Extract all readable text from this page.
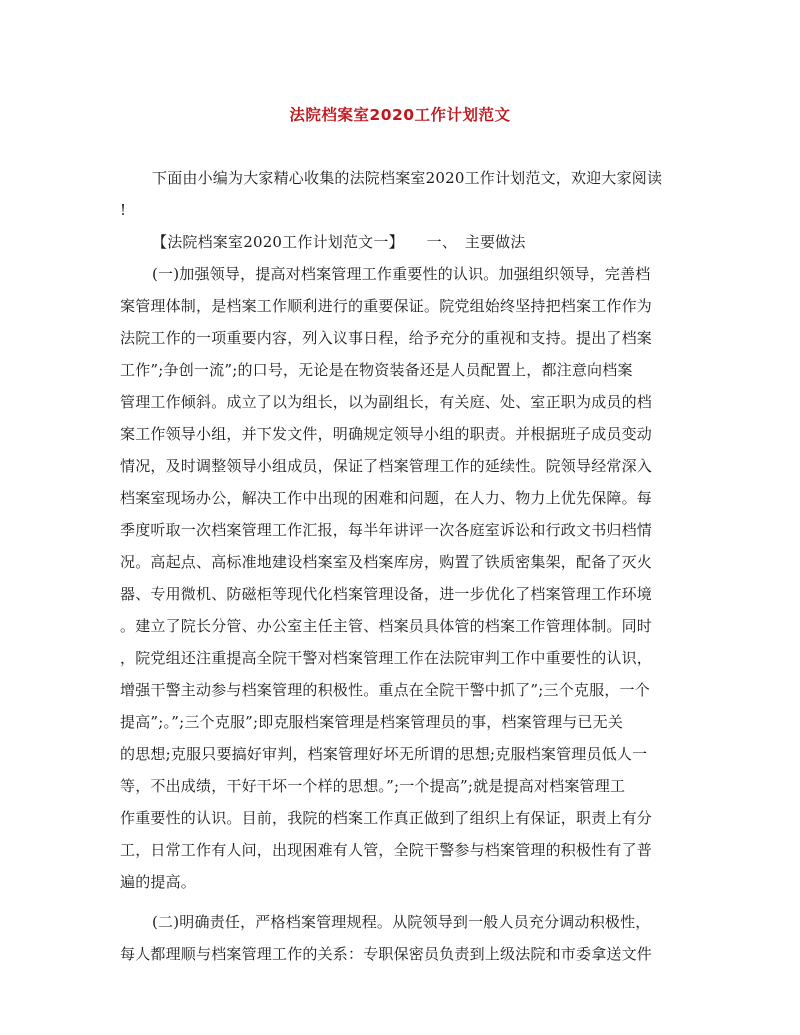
法院档案室2020工作计划范文
下面由小编为大家精心收集的法院档案室2020工作计划范文，欢迎大家阅读
!
【法院档案室2020工作计划范文一】　　一、　主要做法
(一)加强领导，提高对档案管理工作重要性的认识。加强组织领导，完善档
案管理体制，是档案工作顺利进行的重要保证。院党组始终坚持把档案工作作为
法院工作的一项重要内容，列入议事日程，给予充分的重视和支持。提出了档案
工作”;争创一流”;的口号，无论是在物资装备还是人员配置上，都注意向档案
管理工作倾斜。成立了以为组长，以为副组长，有关庭、处、室正职为成员的档
案工作领导小组，并下发文件，明确规定领导小组的职责。并根据班子成员变动
情况，及时调整领导小组成员，保证了档案管理工作的延续性。院领导经常深入
档案室现场办公，解决工作中出现的困难和问题，在人力、物力上优先保障。每
季度听取一次档案管理工作汇报，每半年讲评一次各庭室诉讼和行政文书归档情
况。高起点、高标准地建设档案室及档案库房，购置了铁质密集架，配备了灭火
器、专用微机、防磁柜等现代化档案管理设备，进一步优化了档案管理工作环境
。建立了院长分管、办公室主任主管、档案员具体管的档案工作管理体制。同时
，院党组还注重提高全院干警对档案管理工作在法院审判工作中重要性的认识，
增强干警主动参与档案管理的积极性。重点在全院干警中抓了”;三个克服，一个
提高”;。”;三个克服”;即克服档案管理是档案管理员的事，档案管理与已无关
的思想;克服只要搞好审判，档案管理好坏无所谓的思想;克服档案管理员低人一
等，不出成绩，干好干坏一个样的思想。”;一个提高”;就是提高对档案管理工
作重要性的认识。目前，我院的档案工作真正做到了组织上有保证，职责上有分
工，日常工作有人问，出现困难有人管，全院干警参与档案管理的积极性有了普
遍的提高。
(二)明确责任，严格档案管理规程。从院领导到一般人员充分调动积极性，
每人都理顺与档案管理工作的关系：专职保密员负责到上级法院和市委拿送文件
